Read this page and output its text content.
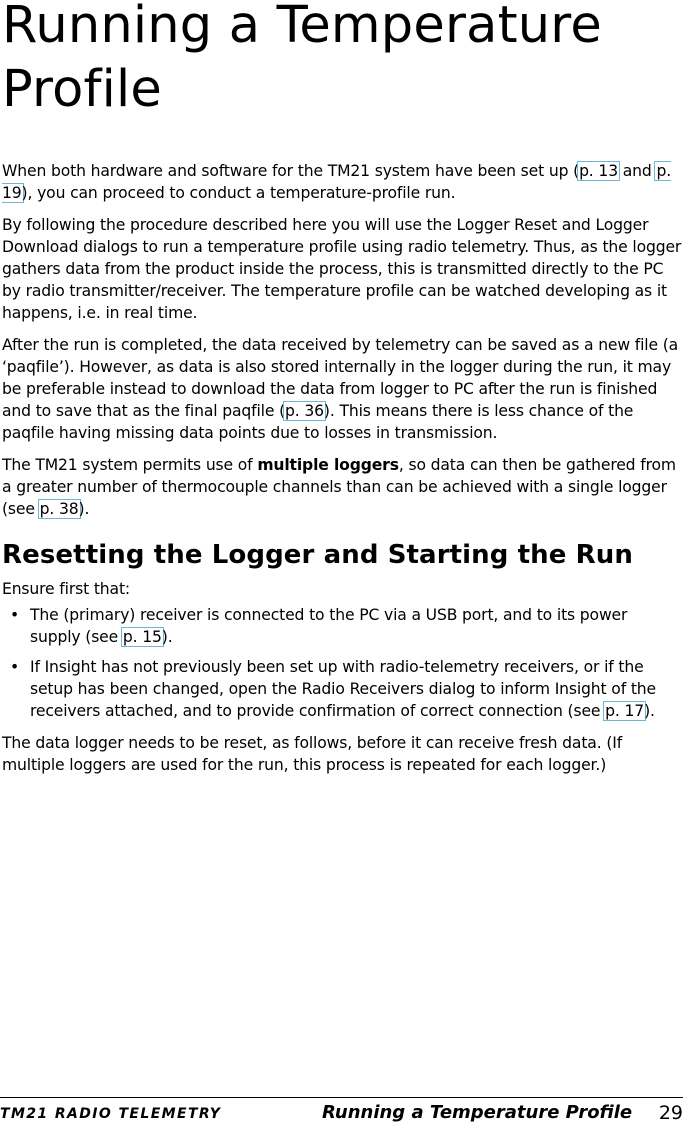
Running a Temperature Profile

When both hardware and software for the TM21 system have been set up (p. 13 and p. 19), you can proceed to conduct a temperature-profile run.

By following the procedure described here you will use the Logger Reset and Logger Download dialogs to run a temperature profile using radio telemetry. Thus, as the logger gathers data from the product inside the process, this is transmitted directly to the PC by radio transmitter/receiver. The temperature profile can be watched developing as it happens, i.e. in real time.

After the run is completed, the data received by telemetry can be saved as a new file (a ‘paqfile’). However, as data is also stored internally in the logger during the run, it may be preferable instead to download the data from logger to PC after the run is finished and to save that as the final paqfile (p. 36). This means there is less chance of the paqfile having missing data points due to losses in transmission.

The TM21 system permits use of multiple loggers, so data can then be gathered from a greater number of thermocouple channels than can be achieved with a single logger (see p. 38).

Resetting the Logger and Starting the Run

Ensure first that:

• The (primary) receiver is connected to the PC via a USB port, and to its power supply (see p. 15).
• If Insight has not previously been set up with radio-telemetry receivers, or if the setup has been changed, open the Radio Receivers dialog to inform Insight of the receivers attached, and to provide confirmation of correct connection (see p. 17).

The data logger needs to be reset, as follows, before it can receive fresh data. (If multiple loggers are used for the run, this process is repeated for each logger.)

TM21 RADIO TELEMETRY	Running a Temperature Profile 29
